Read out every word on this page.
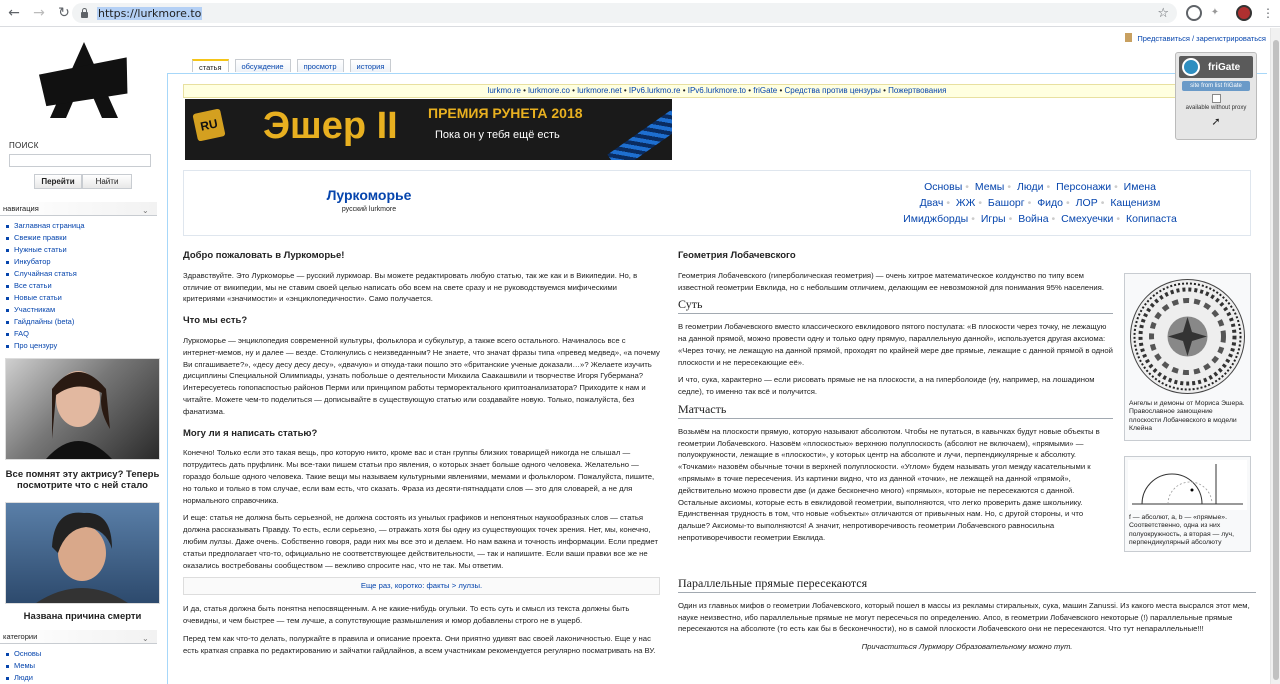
← → ↻	https://lurkmore.to	☆	✦	⋮
Представиться / зарегистрироваться
ПОИСК
Перейти	Найти
навигация	⌄
Заглавная страница
Свежие правки
Нужные статьи
Инкубатор
Случайная статья
Все статьи
Новые статьи
Участникам
Гайдлайны (beta)
FAQ
Про цензуру
Все помнят эту актрису? Теперь посмотрите что с ней стало
Названа причина смерти
категории	⌄
Основы
Мемы
Люди
статья	обсуждение	просмотр	история
lurkmo.re • lurkmore.co • lurkmore.net • IPv6.lurkmo.re • IPv6.lurkmore.to • friGate • Средства против цензуры • Пожертвования
RU Эшер II ПРЕМИЯ РУНЕТА 2018
Пока он у тебя ещё есть
Луркоморье
русский lurkmore
Основы • Мемы • Люди • Персонажи • Имена
Двач • ЖЖ • Башорг • Фидо • ЛОР • Кащенизм
Имиджборды • Игры • Война • Смехуечки • Копипаста
Добро пожаловать в Луркоморье!

Здравствуйте. Это Луркоморье — русский луркмоар. Вы можете редактировать любую статью, так же как и в Википедии. Но, в отличие от википедии, мы не ставим своей целью написать обо всем на свете сразу и не руководствуемся мифическими критериями «значимости» и «энциклопедичности». Само получается.

Что мы есть?

Луркоморье — энциклопедия современной культуры, фольклора и субкультур, а также всего остального. Начиналось все с интернет-мемов, ну и далее — везде. Столкнулись с неизведанным? Не знаете, что значат фразы типа «превед медвед», «а почему Ви спгашиваете?», «десу десу десу десу», «двачую» и откуда-таки пошло это «британские ученые доказали…»? Желаете изучить дисциплины Специальной Олимпиады, узнать побольше о деятельности Михаила Саакашвили и творчестве Игоря Губермана? Интересуетесь гопопаспостью районов Перми или принципом работы терморектального криптоанализатора? Приходите к нам и читайте. Можете чем-то поделиться — дописывайте в существующую статью или создавайте новую. Только, пожалуйста, без фанатизма.

Могу ли я написать статью?

Конечно! Только если это такая вещь, про которую никто, кроме вас и стан группы близких товарищей никогда не слышал — потрудитесь дать пруфлинк. Мы все-таки пишем статьи про явления, о которых знает больше одного человека. Желательно — гораздо больше одного человека. Такие вещи мы называем культурными явлениями, мемами и фольклором. Пожалуйста, пишите, но только и только в том случае, если вам есть, что сказать. Фраза из десяти-пятнадцати слов — это для словарей, а не для нормального справочника.

И еще: статья не должна быть серьезной, не должна состоять из унылых графиков и непонятных наукообразных слов — статья должна рассказывать Правду. То есть, если серьезно, — отражать хотя бы одну из существующих точек зрения. Нет, мы, конечно, любим лулзы. Даже очень. Собственно говоря, ради них мы все это и делаем. Но нам важна и точность информации. Если предмет статьи предполагает что-то, официально не соответствующее действительности, — так и напишите. Если ваши правки все же не оказались востребованы сообществом — вежливо спросите нас, что не так. Мы ответим.

Еще раз, коротко: факты > лулзы.

И да, статья должна быть понятна непосвященным. А не какие-нибудь огульки. То есть суть и смысл из текста должны быть очевидны, и чем быстрее — тем лучше, а сопутствующие размышления и юмор добавлены строго не в ущерб.

Перед тем как что-то делать, полуркайте в правила и описание проекта. Они приятно удивят вас своей лаконичностью. Еще у нас есть краткая справка по редактированию и зайчатки гайдлайнов, а всем участникам рекомендуется регулярно посматривать на ВУ.

Геометрия Лобачевского

Геометрия Лобачевского (гиперболическая геометрия) — очень хитрое математическое колдунство по типу всем известной геометрии Евклида, но с небольшим отличием, делающим ее невозможной для понимания 95% населения.

Суть

В геометрии Лобачевского вместо классического евклидового пятого постулата: «В плоскости через точку, не лежащую на данной прямой, можно провести одну и только одну прямую, параллельную данной», используется другая аксиома: «Через точку, не лежащую на данной прямой, проходят по крайней мере две прямые, лежащие с данной прямой в одной плоскости и не пересекающие её».

И что, сука, характерно — если рисовать прямые не на плоскости, а на гиперболоиде (ну, например, на лошадином седле), то именно так всё и получится.

Матчасть

Возьмём на плоскости прямую, которую называют абсолютом. Чтобы не путаться, в кавычках будут новые объекты в геометрии Лобачевского. Назовём «плоскостью» верхнюю полуплоскость (абсолют не включаем), «прямыми» — полуокружности, лежащие в «плоскости», у которых центр на абсолюте и лучи, перпендикулярные к абсолюту. «Точками» назовём обычные точки в верхней полуплоскости. «Углом» будем называть угол между касательными к «прямым» в точке пересечения. Из картинки видно, что из данной «точки», не лежащей на данной «прямой», действительно можно провести две (и даже бесконечно много) «прямых», которые не пересекаются с данной. Остальные аксиомы, которые есть в евклидовой геометрии, выполняются, что легко проверить даже школьнику. Единственная трудность в том, что новые «объекты» отличаются от привычных нам. Но, с другой стороны, и что дальше? Аксиомы-то выполняются! А значит, непротиворечивость геометрии Лобачевского равносильна непротиворечивости геометрии Евклида.

Параллельные прямые пересекаются

Один из главных мифов о геометрии Лобачевского, который пошел в массы из рекламы стиральных, сука, машин Zanussi. Из какого места высрался этот мем, науке неизвестно, ибо параллельные прямые не могут пересечься по определению. Апсо, в геометрии Лобачевского некоторые (!) параллельные прямые пересекаются на абсолюте (то есть как бы в бесконечности), но в самой плоскости Лобачевского они не пересекаются. Что тут непараллельные!!!

Причаститься Луркмору Образовательному можно тут.

Ангелы и демоны от Мориса Эшера. Православное замощение плоскости Лобачевского в модели Клейна
f — абсолют, a, b — «прямые». Соответственно, одна из них полуокружность, а вторая — луч, перпендикулярный абсолюту
friGate
site from list friGate
available without proxy
➚
